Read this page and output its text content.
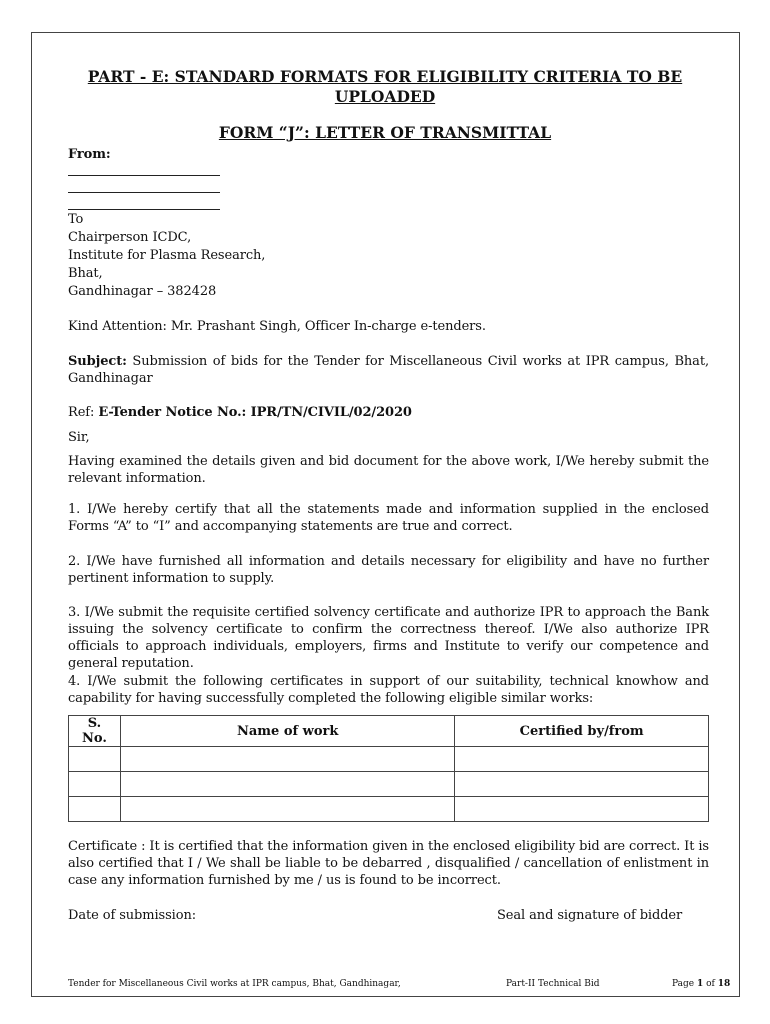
PART - E: STANDARD FORMATS FOR ELIGIBILITY CRITERIA TO BE UPLOADED
FORM “J”: LETTER OF TRANSMITTAL
From:
To
Chairperson ICDC,
Institute for Plasma Research,
Bhat,
Gandhinagar – 382428
Kind Attention: Mr. Prashant Singh, Officer In-charge e-tenders.
Subject: Submission of bids for the Tender for Miscellaneous Civil works at IPR campus, Bhat, Gandhinagar
Ref: E-Tender Notice No.: IPR/TN/CIVIL/02/2020
Sir,
Having examined the details given and bid document for the above work, I/We hereby submit the relevant information.
1. I/We hereby certify that all the statements made and information supplied in the enclosed Forms “A” to “I” and accompanying statements are true and correct.
2. I/We have furnished all information and details necessary for eligibility and have no further pertinent information to supply.
3. I/We submit the requisite certified solvency certificate and authorize IPR to approach the Bank issuing the solvency certificate to confirm the correctness thereof. I/We also authorize IPR officials to approach individuals, employers, firms and Institute to verify our competence and general reputation.
4. I/We submit the following certificates in support of our suitability, technical knowhow and capability for having successfully completed the following eligible similar works:
S. No.	Name of work	Certified by/from

Certificate : It is certified that the information given in the enclosed eligibility bid are correct. It is also certified that I / We shall be liable to be debarred , disqualified / cancellation of enlistment in case any information furnished by me / us is found to be incorrect.
Date of submission:	Seal and signature of bidder
Tender for Miscellaneous Civil works at IPR campus, Bhat, Gandhinagar,	Part-II Technical Bid	Page 1 of 18
